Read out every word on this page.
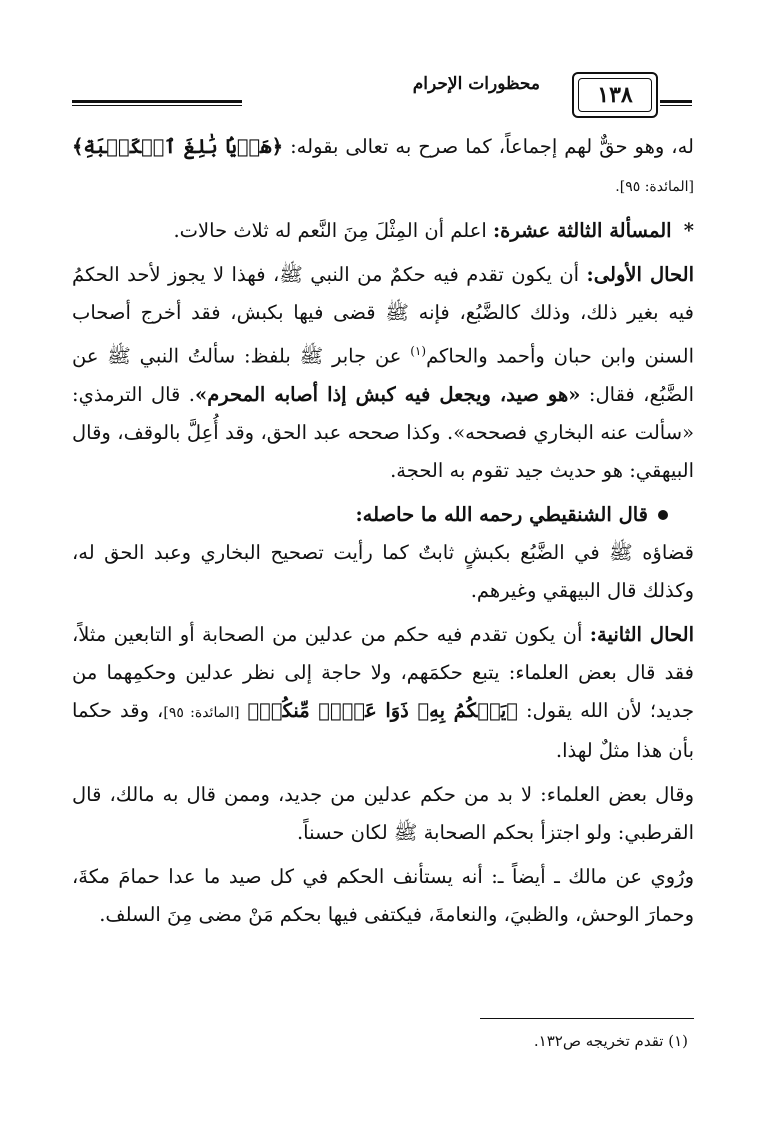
محظورات الإحرام	١٣٨

له، وهو حقٌّ لهم إجماعاً، كما صرح به تعالى بقوله: ﴿هَدۡيَۢا بَٰلِغَ ٱلۡكَعۡبَةِ﴾ [المائدة: ٩٥].

* المسألة الثالثة عشرة: اعلم أن المِثْلَ مِنَ النَّعم له ثلاث حالات.

الحال الأولى: أن يكون تقدم فيه حكمٌ من النبي ﷺ، فهذا لا يجوز لأحد الحكمُ فيه بغير ذلك، وذلك كالضَّبُع، فإنه ﷺ قضى فيها بكبش، فقد أخرج أصحاب السنن وابن حبان وأحمد والحاكم$^{(١)}$ عن جابر ﷺ بلفظ: سألتُ النبي ﷺ عن الضَّبُع، فقال: «هو صيد، ويجعل فيه كبش إذا أصابه المحرم». قال الترمذي: «سألت عنه البخاري فصححه». وكذا صححه عبد الحق، وقد أُعِلَّ بالوقف، وقال البيهقي: هو حديث جيد تقوم به الحجة.

قال الشنقيطي رحمه الله ما حاصله:

قضاؤه ﷺ في الضَّبُع بكبشٍ ثابتٌ كما رأيت تصحيح البخاري وعبد الحق له، وكذلك قال البيهقي وغيرهم.

الحال الثانية: أن يكون تقدم فيه حكم من عدلين من الصحابة أو التابعين مثلاً، فقد قال بعض العلماء: يتبع حكمَهم، ولا حاجة إلى نظر عدلين وحكمِهما من جديد؛ لأن الله يقول: ﴿يَحۡكُمُ بِهِۦ ذَوَا عَدۡلٖ مِّنكُمۡ﴾ [المائدة: ٩٥]، وقد حكما بأن هذا مثلٌ لهذا.

وقال بعض العلماء: لا بد من حكم عدلين من جديد، وممن قال به مالك، قال القرطبي: ولو اجتزأ بحكم الصحابة ﷺ لكان حسناً.

ورُوي عن مالك ـ أيضاً ـ: أنه يستأنف الحكم في كل صيد ما عدا حمامَ مكةَ، وحمارَ الوحش، والظبيَ، والنعامةَ، فيكتفى فيها بحكم مَنْ مضى مِنَ السلف.

(١) تقدم تخريجه ص١٣٢.
